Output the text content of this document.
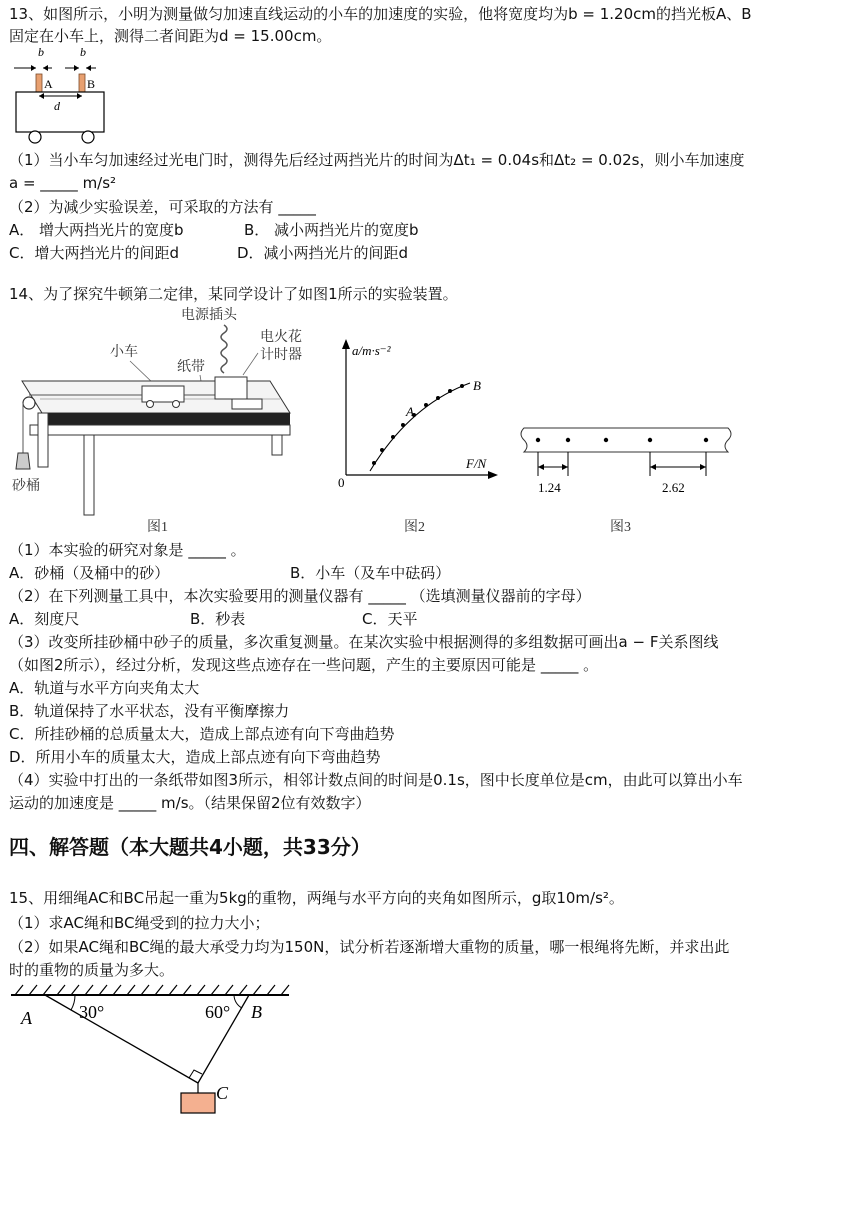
13、如图所示，小明为测量做匀加速直线运动的小车的加速度的实验，他将宽度均为b = 1.20cm的挡光板A、B
固定在小车上，测得二者间距为d = 15.00cm。
b	b
A	B
d
（1）当小车匀加速经过光电门时，测得先后经过两挡光片的时间为Δt₁ = 0.04s和Δt₂ = 0.02s，则小车加速度
a = _____ m/s²
（2）为减少实验误差，可采取的方法有 _____
A． 增大两挡光片的宽度b	B． 减小两挡光片的宽度b
C．增大两挡光片的间距d	D．减小两挡光片的间距d
14、为了探究牛顿第二定律，某同学设计了如图1所示的实验装置。
电源插头
电火花
计时器
小车
纸带
砂桶
图1
a/m·s⁻²
F/N
0
A
B
图2
1.24	2.62
图3
（1）本实验的研究对象是 _____ 。
A．砂桶（及桶中的砂）	B．小车（及车中砝码）
（2）在下列测量工具中，本次实验要用的测量仪器有 _____ （选填测量仪器前的字母）
A．刻度尺	B．秒表	C．天平
（3）改变所挂砂桶中砂子的质量，多次重复测量。在某次实验中根据测得的多组数据可画出a − F关系图线
（如图2所示），经过分析，发现这些点迹存在一些问题，产生的主要原因可能是 _____ 。
A．轨道与水平方向夹角太大
B．轨道保持了水平状态，没有平衡摩擦力
C．所挂砂桶的总质量太大，造成上部点迹有向下弯曲趋势
D．所用小车的质量太大，造成上部点迹有向下弯曲趋势
（4）实验中打出的一条纸带如图3所示，相邻计数点间的时间是0.1s，图中长度单位是cm，由此可以算出小车
运动的加速度是 _____ m/s。（结果保留2位有效数字）
四、解答题（本大题共4小题，共33分）
15、用细绳AC和BC吊起一重为5kg的重物，两绳与水平方向的夹角如图所示，g取10m/s²。
（1）求AC绳和BC绳受到的拉力大小；
（2）如果AC绳和BC绳的最大承受力均为150N，试分析若逐渐增大重物的质量，哪一根绳将先断，并求出此
时的重物的质量为多大。
A	B
C
30°	60°
